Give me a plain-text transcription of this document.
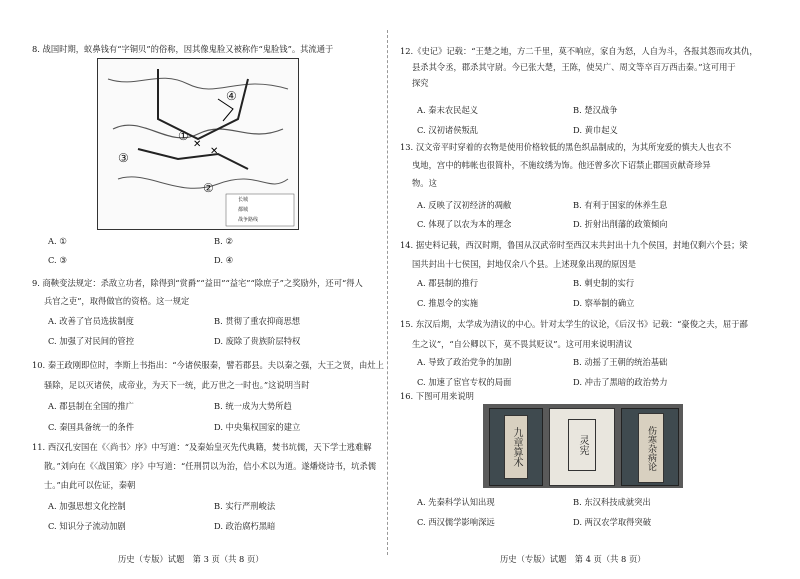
8. 战国时期，蚁鼻钱有“字铜贝”的俗称，因其像鬼脸又被称作“鬼脸钱”。其流通于
✕
✕
④
③
②
①
长城
都城
战争路线
A. ①	B. ②
C. ③	D. ④
9. 商鞅变法规定：杀敌立功者，除得到“赏爵”“益田”“益宅”“除庶子”之奖励外，还可“得人
兵官之吏”，取得做官的资格。这一规定
A. 改善了官员选拔制度	B. 贯彻了重农抑商思想
C. 加强了对民间的管控	D. 废除了贵族阶层特权
10. 秦王政刚即位时，李斯上书指出：“今诸侯服秦，譬若郡县。夫以秦之强，大王之贤，由灶上
骚除，足以灭诸侯，成帝业，为天下一统，此万世之一时也。”这说明当时
A. 郡县制在全国的推广	B. 统一成为大势所趋
C. 秦国具备统一的条件	D. 中央集权国家的建立
11. 西汉孔安国在《〈尚书〉序》中写道：“及秦始皇灭先代典籍，焚书坑儒，天下学士逃难解
散。”刘向在《〈战国策〉序》中写道：“任刑罚以为治，信小术以为道。遂燔烧诗书，坑杀儒
士。”由此可以佐证，秦朝
A. 加强思想文化控制	B. 实行严刑峻法
C. 知识分子流动加剧	D. 政治腐朽黑暗
历史（专版）试题　第 3 页（共 8 页）
12.《史记》记载：“王楚之地，方二千里，莫不响应，家自为怒，人自为斗，各报其怨而攻其仇，
县杀其令丞，郡杀其守尉。今已张大楚，王陈，使吴广、周文等卒百万西击秦。”这可用于
探究
A. 秦末农民起义	B. 楚汉战争
C. 汉初诸侯叛乱	D. 黄巾起义
13. 汉文帝平时穿着的衣物是使用价格较低的黑色织品制成的，为其所宠爱的慎夫人也衣不
曳地，宫中的帏帐也很简朴，不施纹绣为饰。他还曾多次下诏禁止郡国贡献奇珍异
物。这
A. 反映了汉初经济的凋敝	B. 有利于国家的休养生息
C. 体现了以农为本的理念	D. 折射出削藩的政策倾向
14. 据史料记载，西汉时期，鲁国从汉武帝时至西汉末共封出十九个侯国，封地仅剩六个县；梁
国共封出十七侯国，封地仅余八个县。上述现象出现的原因是
A. 郡县制的推行	B. 刺史制的实行
C. 推恩令的实施	D. 察举制的确立
15. 东汉后期，太学成为清议的中心。针对太学生的议论，《后汉书》记载：“豪俊之夫，屈于鄙
生之议”，“自公卿以下，莫不畏其贬议”。这可用来说明清议
A. 导致了政治党争的加剧	B. 动摇了王朝的统治基础
C. 加速了宦官专权的局面	D. 冲击了黑暗的政治势力
16. 下图可用来说明
九章算术	灵宪	伤寒杂病论
A. 先秦科学认知出现	B. 东汉科技成就突出
C. 西汉儒学影响深远	D. 两汉农学取得突破
历史（专版）试题　第 4 页（共 8 页）
